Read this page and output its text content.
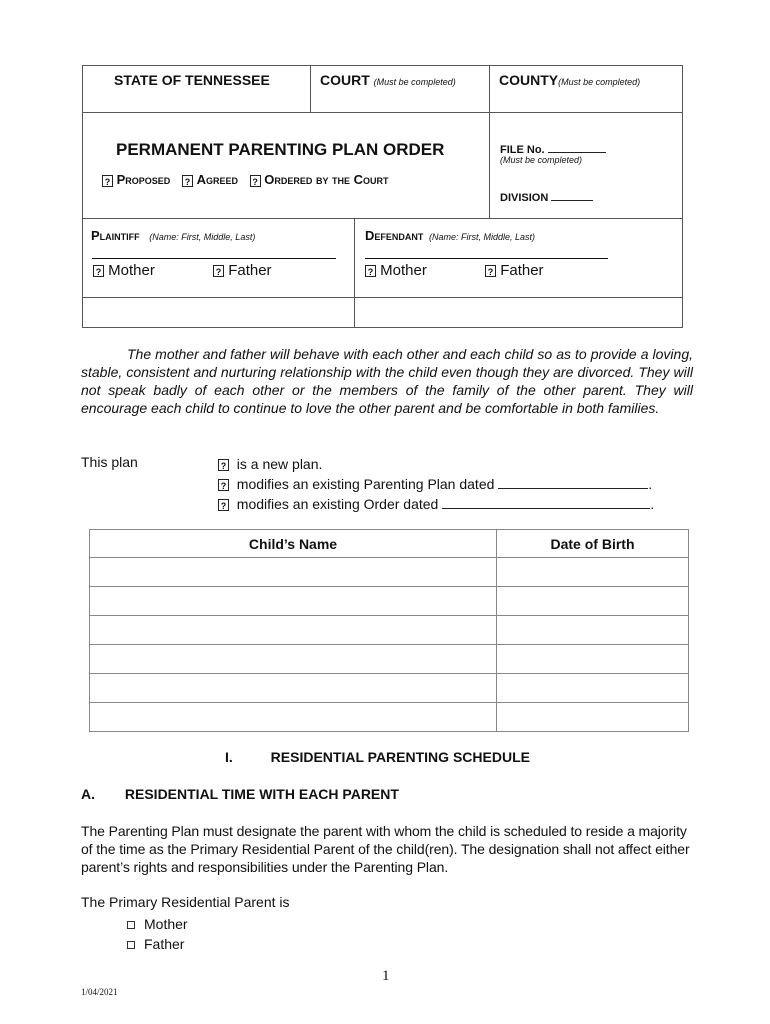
STATE OF TENNESSEE	COURT (Must be completed)	COUNTY(Must be completed)
PERMANENT PARENTING PLAN ORDER
? Proposed ? Agreed ? Ordered by the Court
FILE No.
(Must be completed)
DIVISION
Plaintiff (Name: First, Middle, Last)
? Mother	? Father
Defendant (Name: First, Middle, Last)
? Mother	? Father
The mother and father will behave with each other and each child so as to provide a loving, stable, consistent and nurturing relationship with the child even though they are divorced. They will not speak badly of each other or the members of the family of the other parent. They will encourage each child to continue to love the other parent and be comfortable in both families.
This plan	? is a new plan.
? modifies an existing Parenting Plan dated	.
? modifies an existing Order dated	.
Child’s Name	Date of Birth

I.	RESIDENTIAL PARENTING SCHEDULE
A. RESIDENTIAL TIME WITH EACH PARENT
The Parenting Plan must designate the parent with whom the child is scheduled to reside a majority of the time as the Primary Residential Parent of the child(ren). The designation shall not affect either parent’s rights and responsibilities under the Parenting Plan.
The Primary Residential Parent is
Mother
Father
1
1/04/2021
